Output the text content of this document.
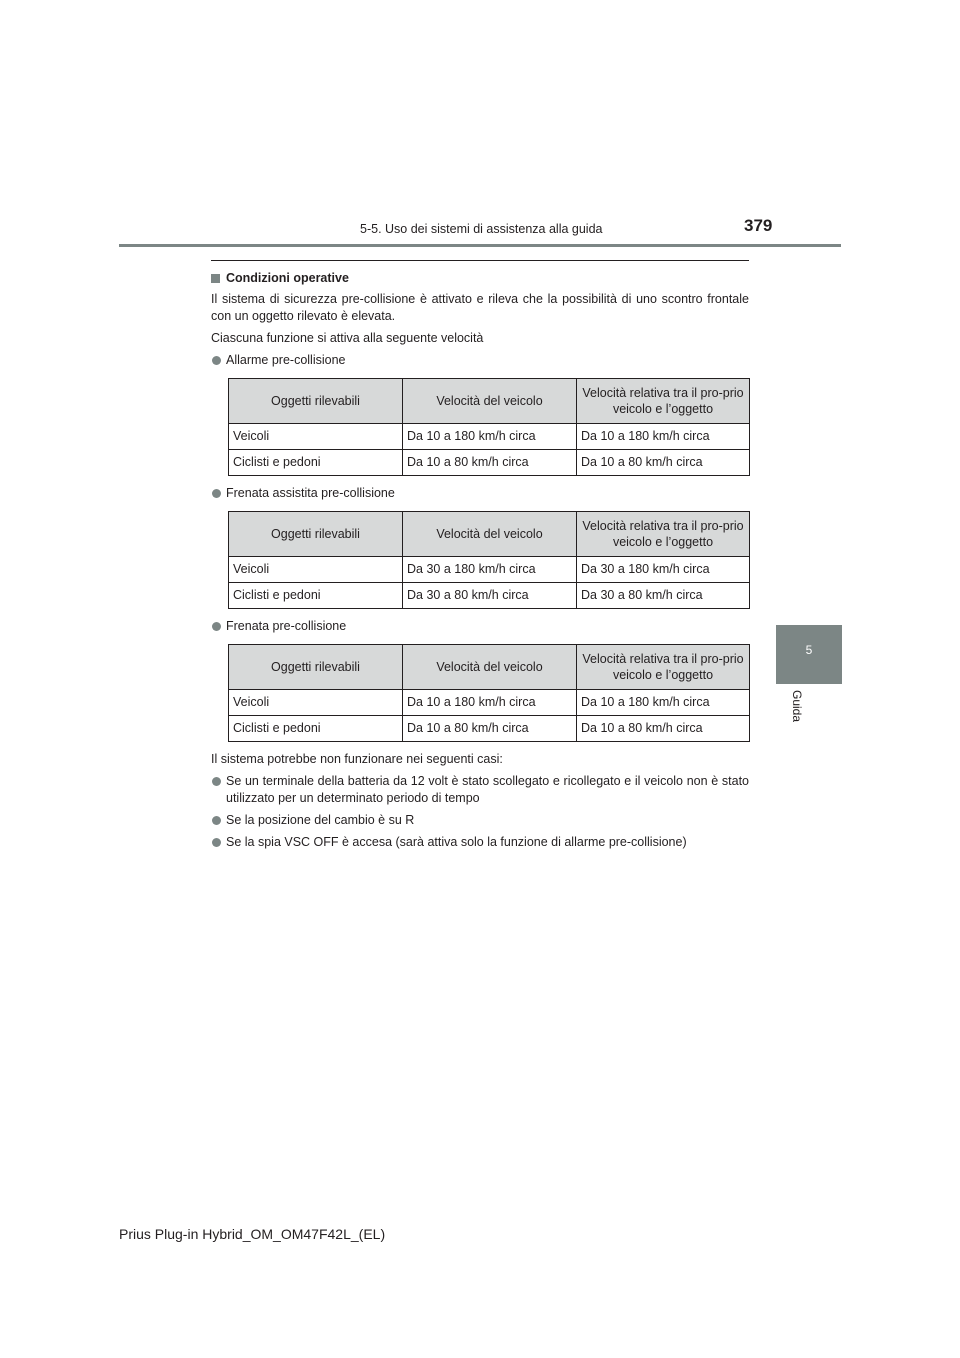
5-5. Uso dei sistemi di assistenza alla guida	379
5
Guida
Condizioni operative

Il sistema di sicurezza pre-collisione è attivato e rileva che la possibilità di uno scontro frontale con un oggetto rilevato è elevata.

Ciascuna funzione si attiva alla seguente velocità

Allarme pre-collisione
Oggetti rilevabili	Velocità del veicolo	Velocità relativa tra il pro-prio veicolo e l’oggetto
Veicoli	Da 10 a 180 km/h circa	Da 10 a 180 km/h circa
Ciclisti e pedoni	Da 10 a 80 km/h circa	Da 10 a 80 km/h circa
Frenata assistita pre-collisione
Oggetti rilevabili	Velocità del veicolo	Velocità relativa tra il pro-prio veicolo e l’oggetto
Veicoli	Da 30 a 180 km/h circa	Da 30 a 180 km/h circa
Ciclisti e pedoni	Da 30 a 80 km/h circa	Da 30 a 80 km/h circa
Frenata pre-collisione
Oggetti rilevabili	Velocità del veicolo	Velocità relativa tra il pro-prio veicolo e l’oggetto
Veicoli	Da 10 a 180 km/h circa	Da 10 a 180 km/h circa
Ciclisti e pedoni	Da 10 a 80 km/h circa	Da 10 a 80 km/h circa

Il sistema potrebbe non funzionare nei seguenti casi:

Se un terminale della batteria da 12 volt è stato scollegato e ricollegato e il veicolo non è stato utilizzato per un determinato periodo di tempo
Se la posizione del cambio è su R
Se la spia VSC OFF è accesa (sarà attiva solo la funzione di allarme pre-collisione)
Prius Plug-in Hybrid_OM_OM47F42L_(EL)
